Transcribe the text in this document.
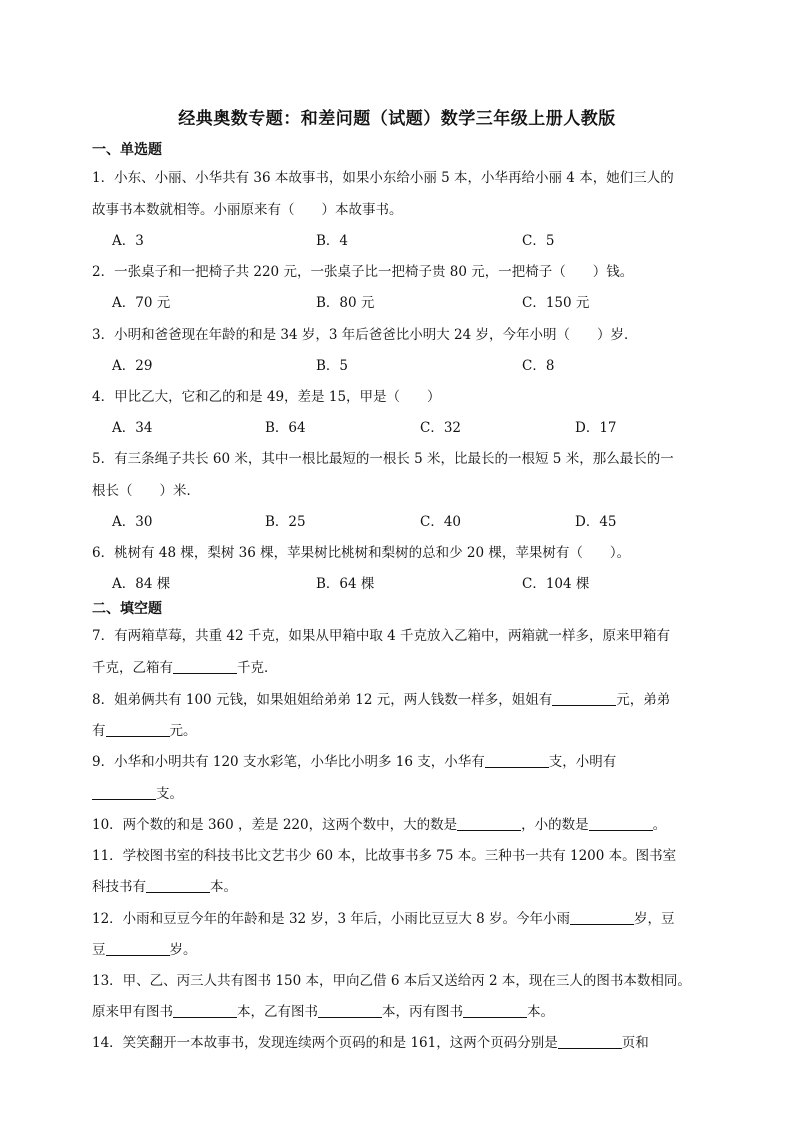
经典奥数专题：和差问题（试题）数学三年级上册人教版
一、单选题
1．小东、小丽、小华共有 36 本故事书，如果小东给小丽 5 本，小华再给小丽 4 本，她们三人的
故事书本数就相等。小丽原来有（　　）本故事书。
A．3	B．4	C．5
2．一张桌子和一把椅子共 220 元，一张桌子比一把椅子贵 80 元，一把椅子（　　）钱。
A．70 元	B．80 元	C．150 元
3．小明和爸爸现在年龄的和是 34 岁，3 年后爸爸比小明大 24 岁，今年小明（　　）岁．
A．29	B．5	C．8
4．甲比乙大，它和乙的和是 49，差是 15，甲是（　　）
A．34	B．64	C．32	D．17
5．有三条绳子共长 60 米，其中一根比最短的一根长 5 米，比最长的一根短 5 米，那么最长的一
根长（　　）米．
A．30	B．25	C．40	D．45
6．桃树有 48 棵，梨树 36 棵，苹果树比桃树和梨树的总和少 20 棵，苹果树有（　　）。
A．84 棵	B．64 棵	C．104 棵
二、填空题
7．有两箱草莓，共重 42 千克，如果从甲箱中取 4 千克放入乙箱中，两箱就一样多，原来甲箱有
千克，乙箱有	千克．
8．姐弟俩共有 100 元钱，如果姐姐给弟弟 12 元，两人钱数一样多，姐姐有	元，弟弟
有	元。
9．小华和小明共有 120 支水彩笔，小华比小明多 16 支，小华有	支，小明有
支。
10．两个数的和是 360 ，差是 220，这两个数中，大的数是	，小的数是	。
11．学校图书室的科技书比文艺书少 60 本，比故事书多 75 本。三种书一共有 1200 本。图书室
科技书有	本。
12．小雨和豆豆今年的年龄和是 32 岁，3 年后，小雨比豆豆大 8 岁。今年小雨	岁，豆
豆	岁。
13．甲、乙、丙三人共有图书 150 本，甲向乙借 6 本后又送给丙 2 本，现在三人的图书本数相同。
原来甲有图书	本，乙有图书	本，丙有图书	本。
14．笑笑翻开一本故事书，发现连续两个页码的和是 161，这两个页码分别是	页和
